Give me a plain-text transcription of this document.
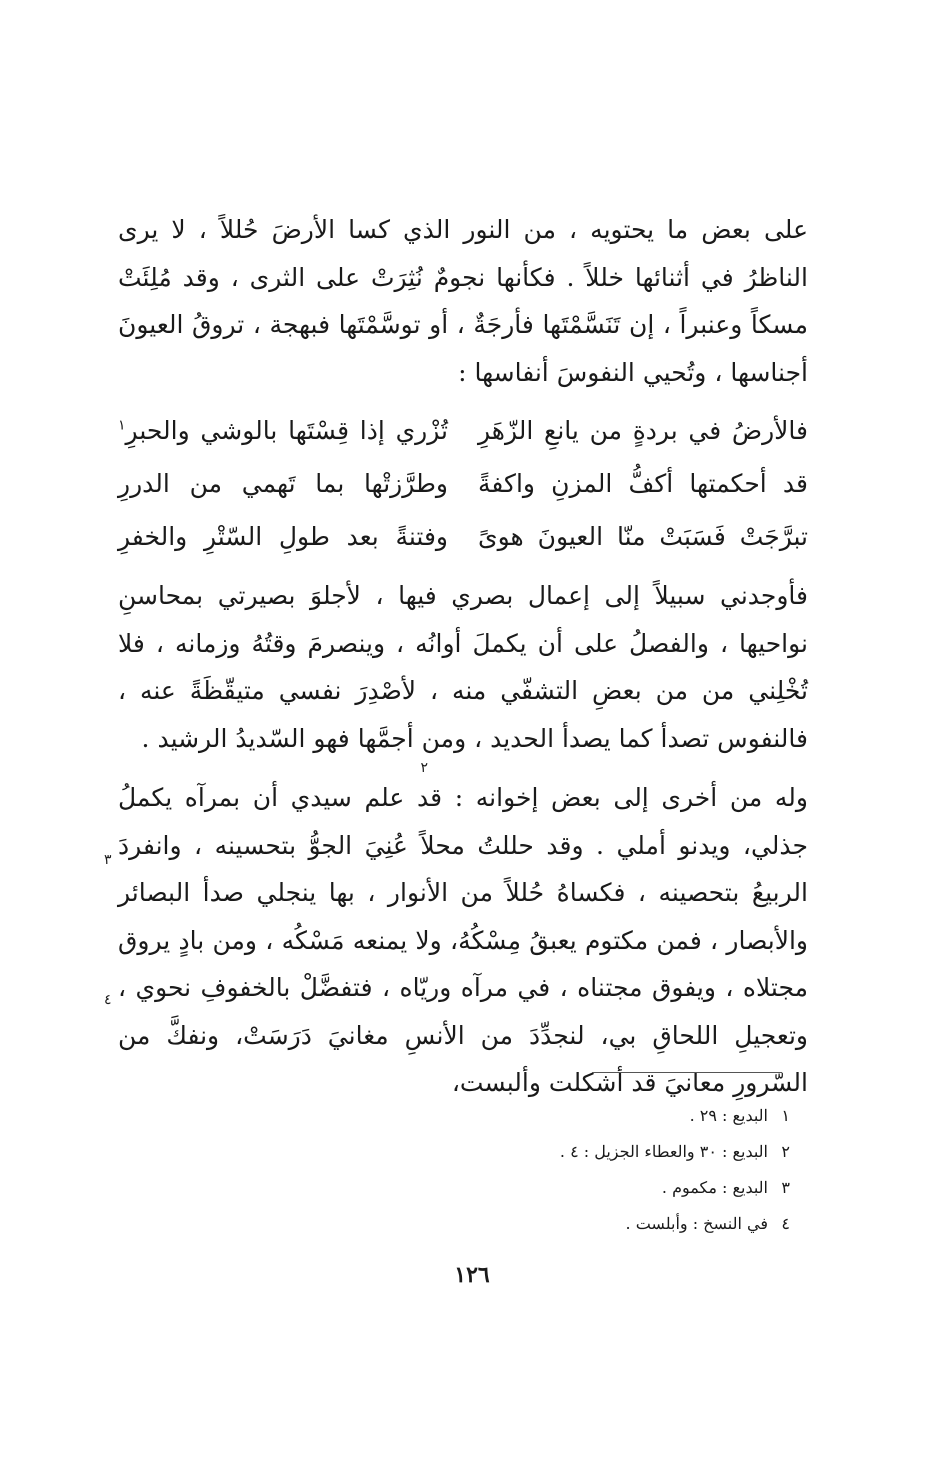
على بعض ما يحتويه ، من النور الذي كسا الأرضَ حُللاً ، لا يرى الناظرُ في أثنائها خللاً . فكأنها نجومٌ نُثِرَتْ على الثرى ، وقد مُلِئَتْ مسكاً وعنبراً ، إن تَنَسَّمْتَها فأرجَةٌ ، أو توسَّمْتَها فبهجة ، تروقُ العيونَ أجناسها ، وتُحيي النفوسَ أنفاسها :

فالأرضُ في بردةٍ من يانعِ الزّهَرِ
تُزْري إذا قِسْتَها بالوشي والحبرِ$^١$
قد أحكمتها أكفُّ المزنِ واكفةً
وطرَّزتْها بما تَهمي من الدررِ
تبرَّجَتْ فَسَبَتْ منّا العيونَ هوىً
وفتنةً بعد طولِ السّتْرِ والخفرِ

فأوجدني سبيلاً إلى إعمال بصري فيها ، لأجلوَ بصيرتي بمحاسنِ نواحيها ، والفصلُ على أن يكملَ أوانُه ، وينصرمَ وقتُهُ وزمانه ، فلا تُخْلِني من من بعضِ التشفّي منه ، لأصْدِرَ نفسي متيقّظَةً عنه ، فالنفوس تصدأ كما يصدأ الحديد ، ومن أجمَّها فهو السّديدُ الرشيد .

وله من أخرى إلى بعض إخوانه : قد علم سيدي أن بمرآه يكملُ جذلي، ويدنو أملي . وقد حللتُ محلاً عُنِيَ الجوُّ بتحسينه ، وانفردَ الربيعُ بتحصينه ، فكساهُ حُللاً من الأنوار ، بها ينجلي صدأ البصائر والأبصار ، فمن مكتوم يعبقُ مِسْكُهُ، ولا يمنعه مَسْكُه ، ومن بادٍ يروق مجتلاه ، ويفوق مجتناه ، في مرآه وريّاه ، فتفضَّلْ بالخفوفِ نحوي ، وتعجيلِ اللحاقِ بي، لنجدِّدَ من الأنسِ مغانيَ دَرَسَتْ، ونفكَّ من السّرورِ معانيَ قد أشكلت وألبست،

٢
٣
٤
١البديع : ٢٩ .
٢البديع : ٣٠ والعطاء الجزيل : ٤ .
٣البديع : مكموم .
٤في النسخ : وأبلست .
١٢٦
